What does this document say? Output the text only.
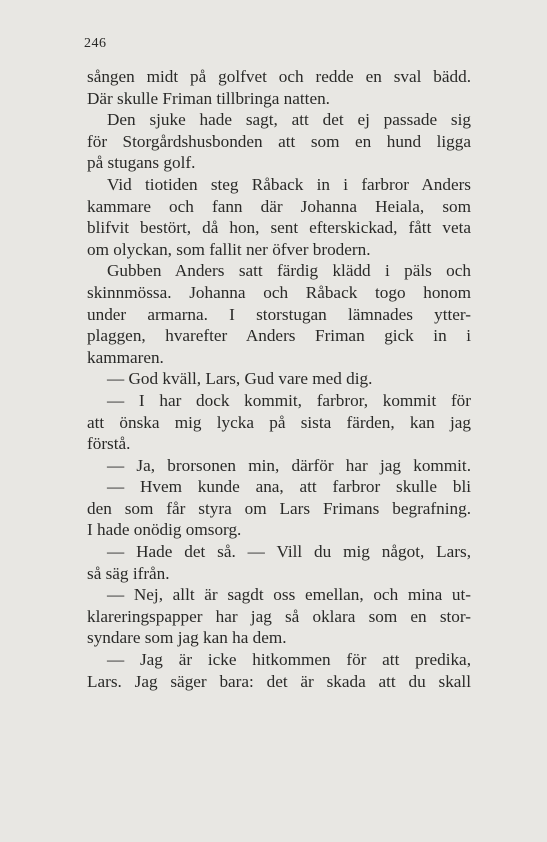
246
sången midt på golfvet och redde en sval bädd.
Där skulle Friman tillbringa natten.
Den sjuke hade sagt, att det ej passade sig
för Storgårdshusbonden att som en hund ligga
på stugans golf.
Vid tiotiden steg Råback in i farbror Anders
kammare och fann där Johanna Heiala, som
blifvit bestört, då hon, sent efterskickad, fått veta
om olyckan, som fallit ner öfver brodern.
Gubben Anders satt färdig klädd i päls och
skinnmössa. Johanna och Råback togo honom
under armarna. I storstugan lämnades ytter-
plaggen, hvarefter Anders Friman gick in i
kammaren.
— God kväll, Lars, Gud vare med dig.
— I har dock kommit, farbror, kommit för
att önska mig lycka på sista färden, kan jag
förstå.
— Ja, brorsonen min, därför har jag kommit.
— Hvem kunde ana, att farbror skulle bli
den som får styra om Lars Frimans begrafning.
I hade onödig omsorg.
— Hade det så. — Vill du mig något, Lars,
så säg ifrån.
— Nej, allt är sagdt oss emellan, och mina ut-
klareringspapper har jag så oklara som en stor-
syndare som jag kan ha dem.
— Jag är icke hitkommen för att predika,
Lars. Jag säger bara: det är skada att du skall
